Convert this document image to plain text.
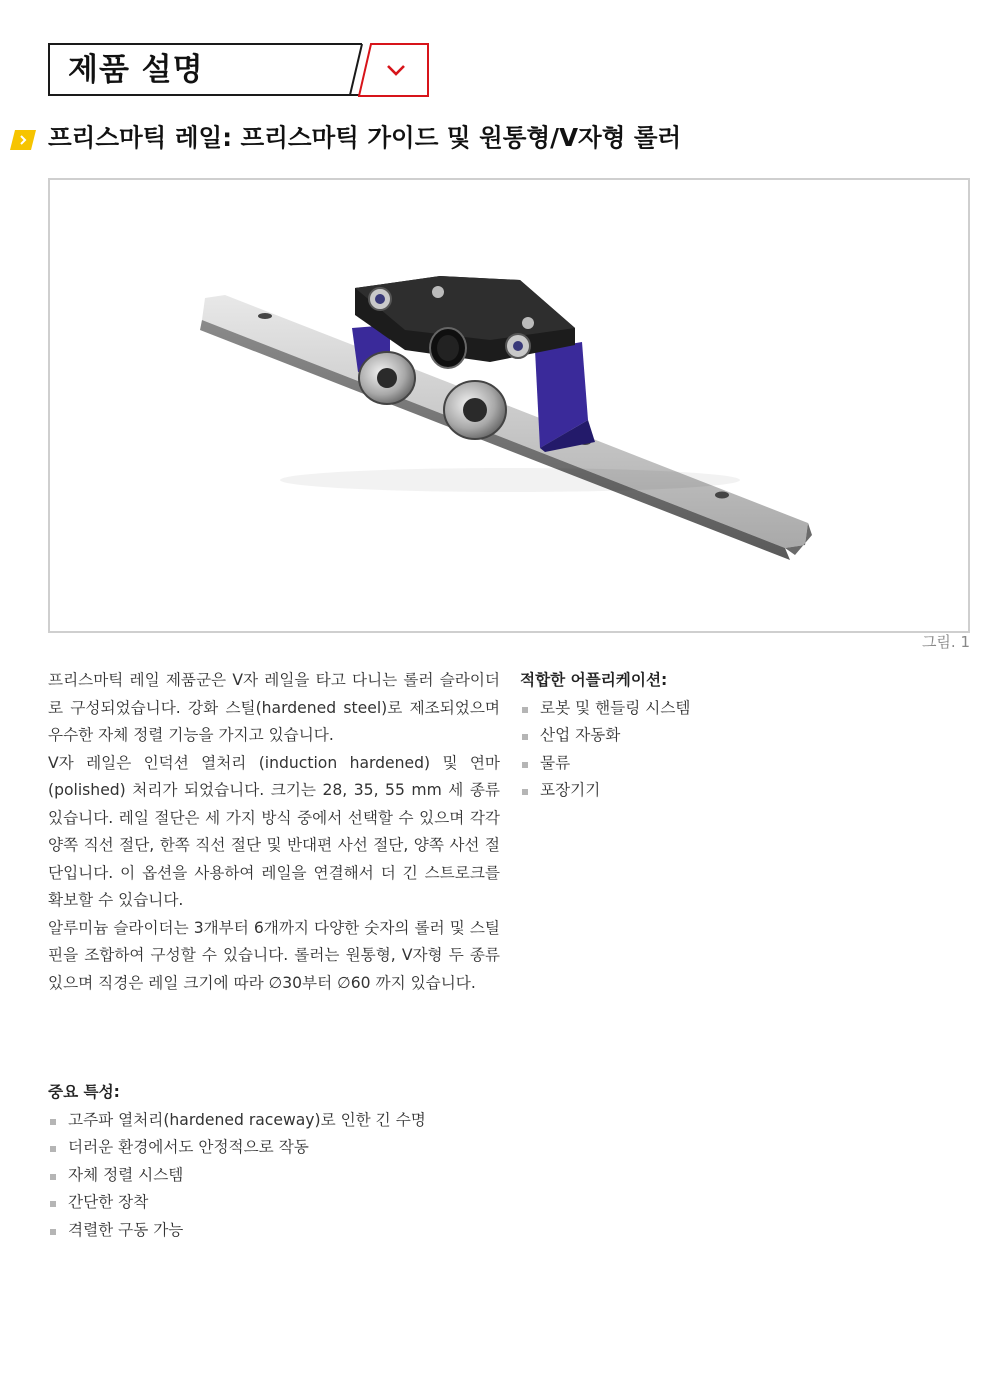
제품 설명
프리스마틱 레일: 프리스마틱 가이드 및 원통형/V자형 롤러
그림. 1

프리스마틱 레일 제품군은 V자 레일을 타고 다니는 롤러 슬라이더로 구성되었습니다. 강화 스틸(hardened steel)로 제조되었으며 우수한 자체 정렬 기능을 가지고 있습니다.

V자 레일은 인덕션 열처리 (induction hardened) 및 연마 (polished) 처리가 되었습니다. 크기는 28, 35, 55 mm 세 종류 있습니다. 레일 절단은 세 가지 방식 중에서 선택할 수 있으며 각각 양쪽 직선 절단, 한쪽 직선 절단 및 반대편 사선 절단, 양쪽 사선 절단입니다. 이 옵션을 사용하여 레일을 연결해서 더 긴 스트로크를 확보할 수 있습니다.

알루미늄 슬라이더는 3개부터 6개까지 다양한 숫자의 롤러 및 스틸 핀을 조합하여 구성할 수 있습니다. 롤러는 원통형, V자형 두 종류 있으며 직경은 레일 크기에 따라 ∅30부터 ∅60 까지 있습니다.

적합한 어플리케이션:

로봇 및 핸들링 시스템
산업 자동화
물류
포장기기

중요 특성:

고주파 열처리(hardened raceway)로 인한 긴 수명
더러운 환경에서도 안정적으로 작동
자체 정렬 시스템
간단한 장착
격렬한 구동 가능
